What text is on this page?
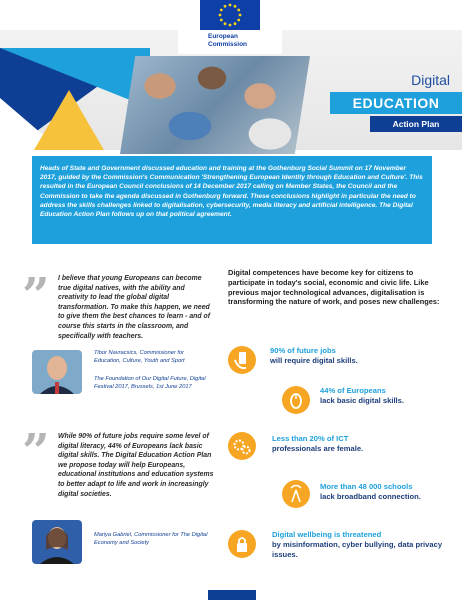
European
Commission
Digital
EDUCATION
Action Plan
Heads of State and Government discussed education and training at the Gothenburg Social Summit on 17 November 2017, guided by the Commission's Communication 'Strengthening European Identity through Education and Culture'. This resulted in the European Council conclusions of 14 December 2017 calling on Member States, the Council and the Commission to take the agenda discussed in Gothenburg forward. These conclusions highlight in particular the need to address the skills challenges linked to digitalisation, cybersecurity, media literacy and artificial intelligence. The Digital Education Action Plan follows up on that political agreement.
” I believe that young Europeans can become true digital natives, with the ability and creativity to lead the global digital transformation. To make this happen, we need to give them the best chances to learn - and of course this starts in the classroom, and specifically with teachers.
Tibor Navracsics, Commissioner for Education, Culture, Youth and Sport
The Foundation of Our Digital Future, Digital Festival 2017, Brussels, 1st June 2017
” While 90% of future jobs require some level of digital literacy, 44% of Europeans lack basic digital skills. The Digital Education Action Plan we propose today will help Europeans, educational institutions and education systems to better adapt to life and work in increasingly digital societies.
Mariya Gabriel, Commissioner for The Digital Economy and Society
Digital competences have become key for citizens to participate in today's social, economic and civic life. Like previous major technological advances, digitalisation is transforming the nature of work, and poses new challenges:
90% of future jobs
will require digital skills.
44% of Europeans
lack basic digital skills.
Less than 20% of ICT
professionals are female.
More than 48 000 schools
lack broadband connection.
Digital wellbeing is threatened
by misinformation, cyber bullying, data privacy issues.
